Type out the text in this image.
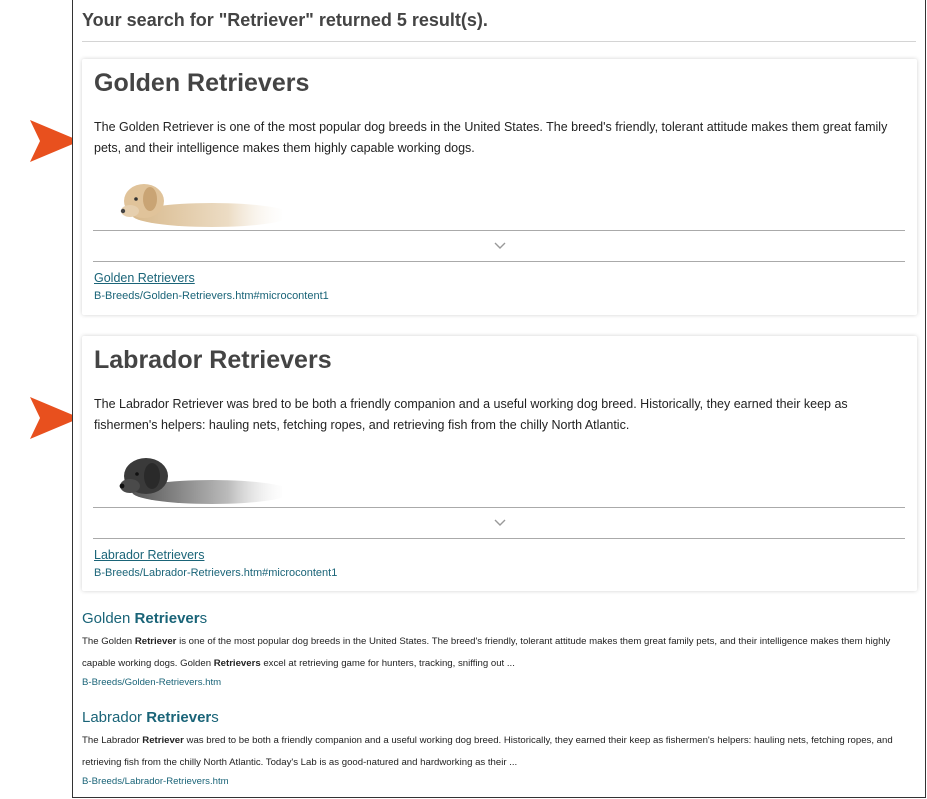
Your search for "Retriever" returned 5 result(s).
Golden Retrievers
The Golden Retriever is one of the most popular dog breeds in the United States. The breed's friendly, tolerant attitude makes them great family pets, and their intelligence makes them highly capable working dogs.
Golden Retrievers
B-Breeds/Golden-Retrievers.htm#microcontent1
Labrador Retrievers
The Labrador Retriever was bred to be both a friendly companion and a useful working dog breed. Historically, they earned their keep as fishermen's helpers: hauling nets, fetching ropes, and retrieving fish from the chilly North Atlantic.
Labrador Retrievers
B-Breeds/Labrador-Retrievers.htm#microcontent1
Golden Retrievers

The Golden Retriever is one of the most popular dog breeds in the United States. The breed's friendly, tolerant attitude makes them great family pets, and their intelligence makes them highly capable working dogs. Golden Retrievers excel at retrieving game for hunters, tracking, sniffing out ...

B-Breeds/Golden-Retrievers.htm
Labrador Retrievers

The Labrador Retriever was bred to be both a friendly companion and a useful working dog breed. Historically, they earned their keep as fishermen's helpers: hauling nets, fetching ropes, and retrieving fish from the chilly North Atlantic. Today's Lab is as good-natured and hardworking as their ...

B-Breeds/Labrador-Retrievers.htm
